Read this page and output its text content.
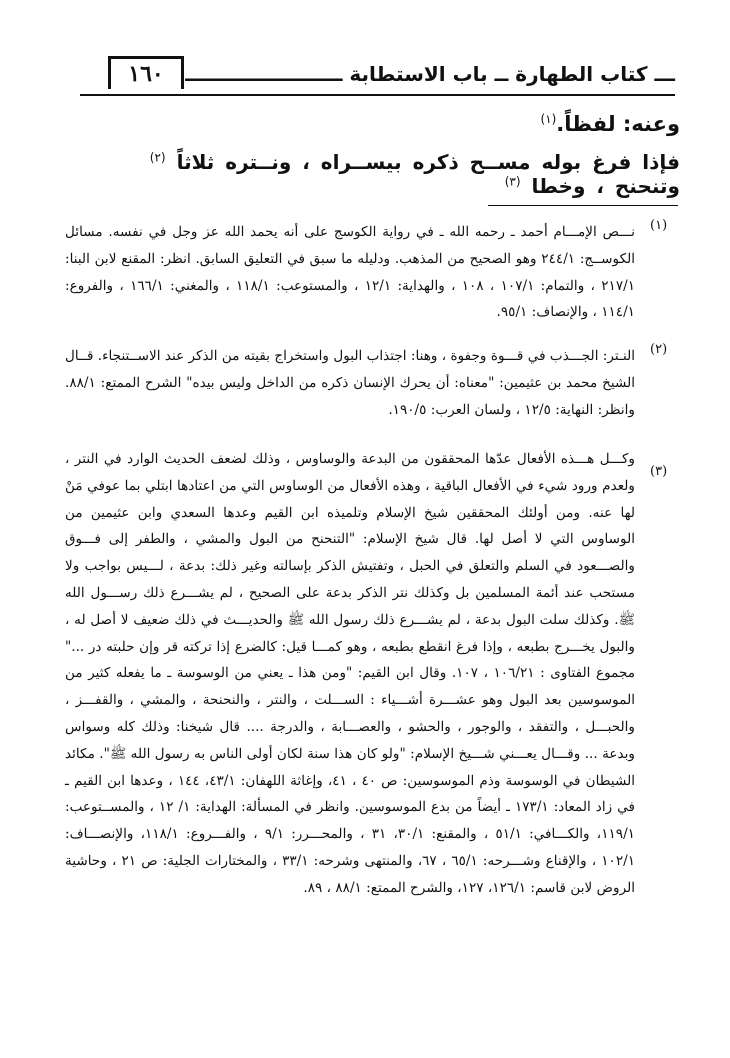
١٦٠	ـــ كتاب الطهارة ــ باب الاستطابة ـــــــــــــــــــــــ
وعنه: لفظاً.$^{(١)}$
فإذا فرغ بوله مســح ذكره بيســراه ، ونــتره ثلاثاً $^{(٢)}$ وتنحنح ، وخطا $^{(٣)}$
(١)
نـــص الإمـــام أحمد ـ رحمه الله ـ في رواية الكوسج على أنه يحمد الله عز وجل في نفسه. مسائل الكوســج: ٢٤٤/١ وهو الصحيح من المذهب. ودليله ما سبق في التعليق السابق. انظر: المقنع لابن البنا: ٢١٧/١ ، والتمام: ١٠٧/١ ، ١٠٨ ، والهداية: ١٢/١ ، والمستوعب: ١١٨/١ ، والمغني: ١٦٦/١ ، والفروع: ١١٤/١ ، والإنصاف: ٩٥/١.
(٢)
النـتر: الجـــذب في قـــوة وجفوة ، وهنا: اجتذاب البول واستخراج بقيته من الذكر عند الاســتنجاء. قــال الشيخ محمد بن عثيمين: "معناه: أن يحرك الإنسان ذكره من الداخل وليس بيده" الشرح الممتع: ٨٨/١. وانظر: النهاية: ١٢/٥ ، ولسان العرب: ١٩٠/٥.
(٣)
وكـــل هـــذه الأفعال عدّها المحققون من البدعة والوساوس ، وذلك لضعف الحديث الوارد في النتر ، ولعدم ورود شيء في الأفعال الباقية ، وهذه الأفعال من الوساوس التي من اعتادها ابتلي بما عوفي مَنْ لها عنه. ومن أولئك المحققين شيخ الإسلام وتلميذه ابن القيم وعدها السعدي وابن عثيمين من الوساوس التي لا أصل لها. قال شيخ الإسلام: "التنحنح من البول والمشي ، والطفر إلى فـــوق والصـــعود في السلم والتعلق في الحبل ، وتفتيش الذكر بإسالته وغير ذلك: بدعة ، لـــيس بواجب ولا مستحب عند أئمة المسلمين بل وكذلك نتر الذكر بدعة على الصحيح ، لم يشـــرع ذلك رســـول الله ﷺ. وكذلك سلت البول بدعة ، لم يشـــرع ذلك رسول الله ﷺ والحديـــث في ذلك ضعيف لا أصل له ، والبول يخـــرج بطبعه ، وإذا فرغ انقطع بطبعه ، وهو كمـــا قيل: كالضرع إذا تركته قر وإن حلبته در ..." مجموع الفتاوى : ١٠٦/٢١ ، ١٠٧. وقال ابن القيم: "ومن هذا ـ يعني من الوسوسة ـ ما يفعله كثير من الموسوسين بعد البول وهو عشـــرة أشـــياء : الســـلت ، والنتر ، والنحنحة ، والمشي ، والقفـــز ، والحبـــل ، والتفقد ، والوجور ، والحشو ، والعصـــابة ، والدرجة .... قال شيخنا: وذلك كله وسواس وبدعة ... وقـــال يعـــني شـــيخ الإسلام: "ولو كان هذا سنة لكان أولى الناس به رسول الله ﷺ". مكائد الشيطان في الوسوسة وذم الموسوسين: ص ٤٠ ، ٤١، وإغاثة اللهفان: ٤٣/١، ١٤٤ ، وعدها ابن القيم ـ في زاد المعاد: ١٧٣/١ ـ أيضاً من بدع الموسوسين. وانظر في المسألة: الهداية: ١/ ١٢ ، والمســتوعب: ١١٩/١، والكـــافي: ٥١/١ ، والمقنع: ٣٠/١، ٣١ ، والمحـــرر: ٩/١ ، والفـــروع: ١١٨/١، والإنصـــاف: ١٠٢/١ ، والإقناع وشـــرحه: ٦٥/١ ، ٦٧، والمنتهى وشرحه: ٣٣/١ ، والمختارات الجلية: ص ٢١ ، وحاشية الروض لابن قاسم: ١٢٦/١، ١٢٧، والشرح الممتع: ٨٨/١ ، ٨٩.
